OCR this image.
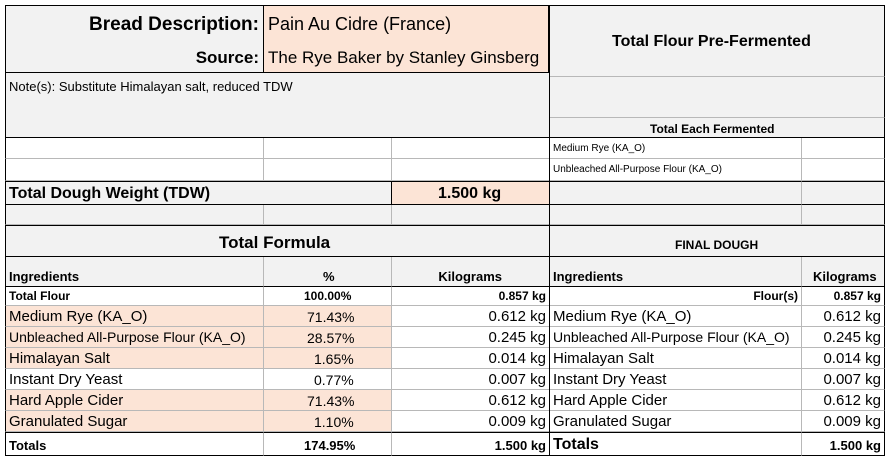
Bread Description: Pain Au Cidre (France)
Source: The Rye Baker by Stanley Ginsberg
Note(s): Substitute Himalayan salt, reduced TDW
Total Dough Weight (TDW)	1.500 kg
Total Flour Pre-Fermented
Total Each Fermented
Medium Rye (KA_O)
Unbleached All-Purpose Flour (KA_O)
Total Formula	FINAL DOUGH
Ingredients	%	Kilograms	Ingredients	Kilograms
Total Flour	100.00%	0.857 kg	Flour(s)	0.857 kg
Medium Rye (KA_O)	71.43%	0.612 kg Medium Rye (KA_O)	0.612 kg
Unbleached All-Purpose Flour (KA_O)	28.57%	0.245 kg Unbleached All-Purpose Flour (KA_O) 0.245 kg
Himalayan Salt	1.65%	0.014 kg Himalayan Salt	0.014 kg
Instant Dry Yeast	0.77%	0.007 kg Instant Dry Yeast	0.007 kg
Hard Apple Cider	71.43%	0.612 kg Hard Apple Cider	0.612 kg
Granulated Sugar	1.10%	0.009 kg Granulated Sugar	0.009 kg
Totals	174.95%	1.500 kg Totals	1.500 kg
